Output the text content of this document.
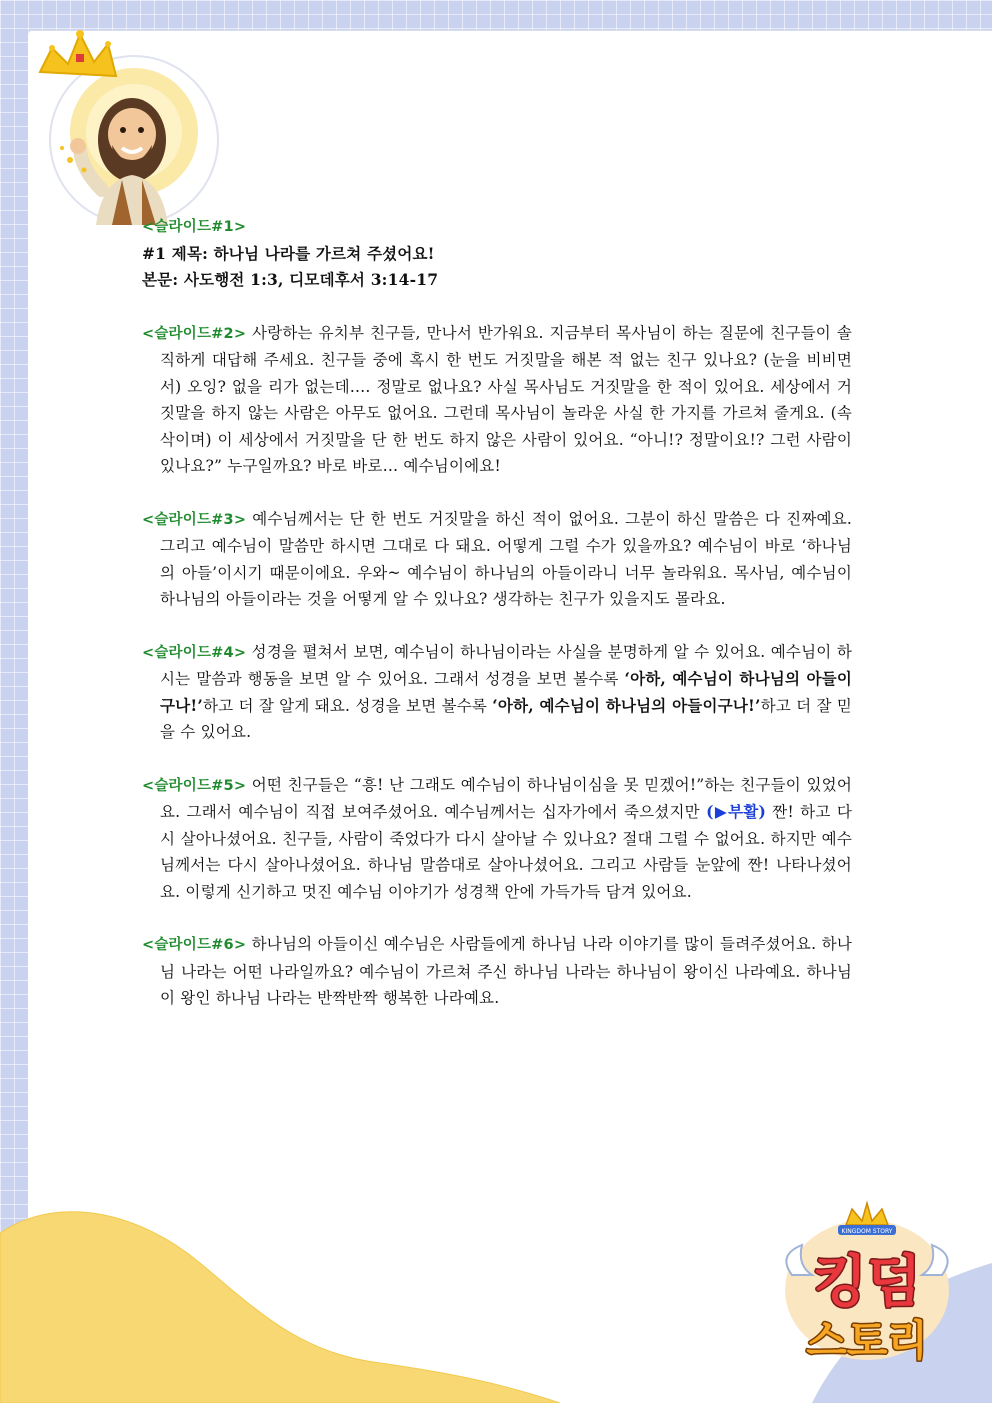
KINGDOM STORY
킹덤
스토리
<슬라이드#1>
#1 제목: 하나님 나라를 가르쳐 주셨어요!
본문: 사도행전 1:3, 디모데후서 3:14-17

<슬라이드#2> 사랑하는 유치부 친구들, 만나서 반가워요. 지금부터 목사님이 하는 질문에 친구들이 솔직하게 대답해 주세요. 친구들 중에 혹시 한 번도 거짓말을 해본 적 없는 친구 있나요? (눈을 비비면서) 오잉? 없을 리가 없는데…. 정말로 없나요? 사실 목사님도 거짓말을 한 적이 있어요. 세상에서 거짓말을 하지 않는 사람은 아무도 없어요. 그런데 목사님이 놀라운 사실 한 가지를 가르쳐 줄게요. (속삭이며) 이 세상에서 거짓말을 단 한 번도 하지 않은 사람이 있어요. “아니!? 정말이요!? 그런 사람이 있나요?” 누구일까요? 바로 바로… 예수님이에요!

<슬라이드#3> 예수님께서는 단 한 번도 거짓말을 하신 적이 없어요. 그분이 하신 말씀은 다 진짜예요. 그리고 예수님이 말씀만 하시면 그대로 다 돼요. 어떻게 그럴 수가 있을까요? 예수님이 바로 ‘하나님의 아들’이시기 때문이에요. 우와~ 예수님이 하나님의 아들이라니 너무 놀라워요. 목사님, 예수님이 하나님의 아들이라는 것을 어떻게 알 수 있나요? 생각하는 친구가 있을지도 몰라요.

<슬라이드#4> 성경을 펼쳐서 보면, 예수님이 하나님이라는 사실을 분명하게 알 수 있어요. 예수님이 하시는 말씀과 행동을 보면 알 수 있어요. 그래서 성경을 보면 볼수록 ‘아하, 예수님이 하나님의 아들이구나!’하고 더 잘 알게 돼요. 성경을 보면 볼수록 ‘아하, 예수님이 하나님의 아들이구나!’하고 더 잘 믿을 수 있어요.

<슬라이드#5> 어떤 친구들은 “흥! 난 그래도 예수님이 하나님이심을 못 믿겠어!”하는 친구들이 있었어요. 그래서 예수님이 직접 보여주셨어요. 예수님께서는 십자가에서 죽으셨지만 (▶부활) 짠! 하고 다시 살아나셨어요. 친구들, 사람이 죽었다가 다시 살아날 수 있나요? 절대 그럴 수 없어요. 하지만 예수님께서는 다시 살아나셨어요. 하나님 말씀대로 살아나셨어요. 그리고 사람들 눈앞에 짠! 나타나셨어요. 이렇게 신기하고 멋진 예수님 이야기가 성경책 안에 가득가득 담겨 있어요.

<슬라이드#6> 하나님의 아들이신 예수님은 사람들에게 하나님 나라 이야기를 많이 들려주셨어요. 하나님 나라는 어떤 나라일까요? 예수님이 가르쳐 주신 하나님 나라는 하나님이 왕이신 나라예요. 하나님이 왕인 하나님 나라는 반짝반짝 행복한 나라예요.
